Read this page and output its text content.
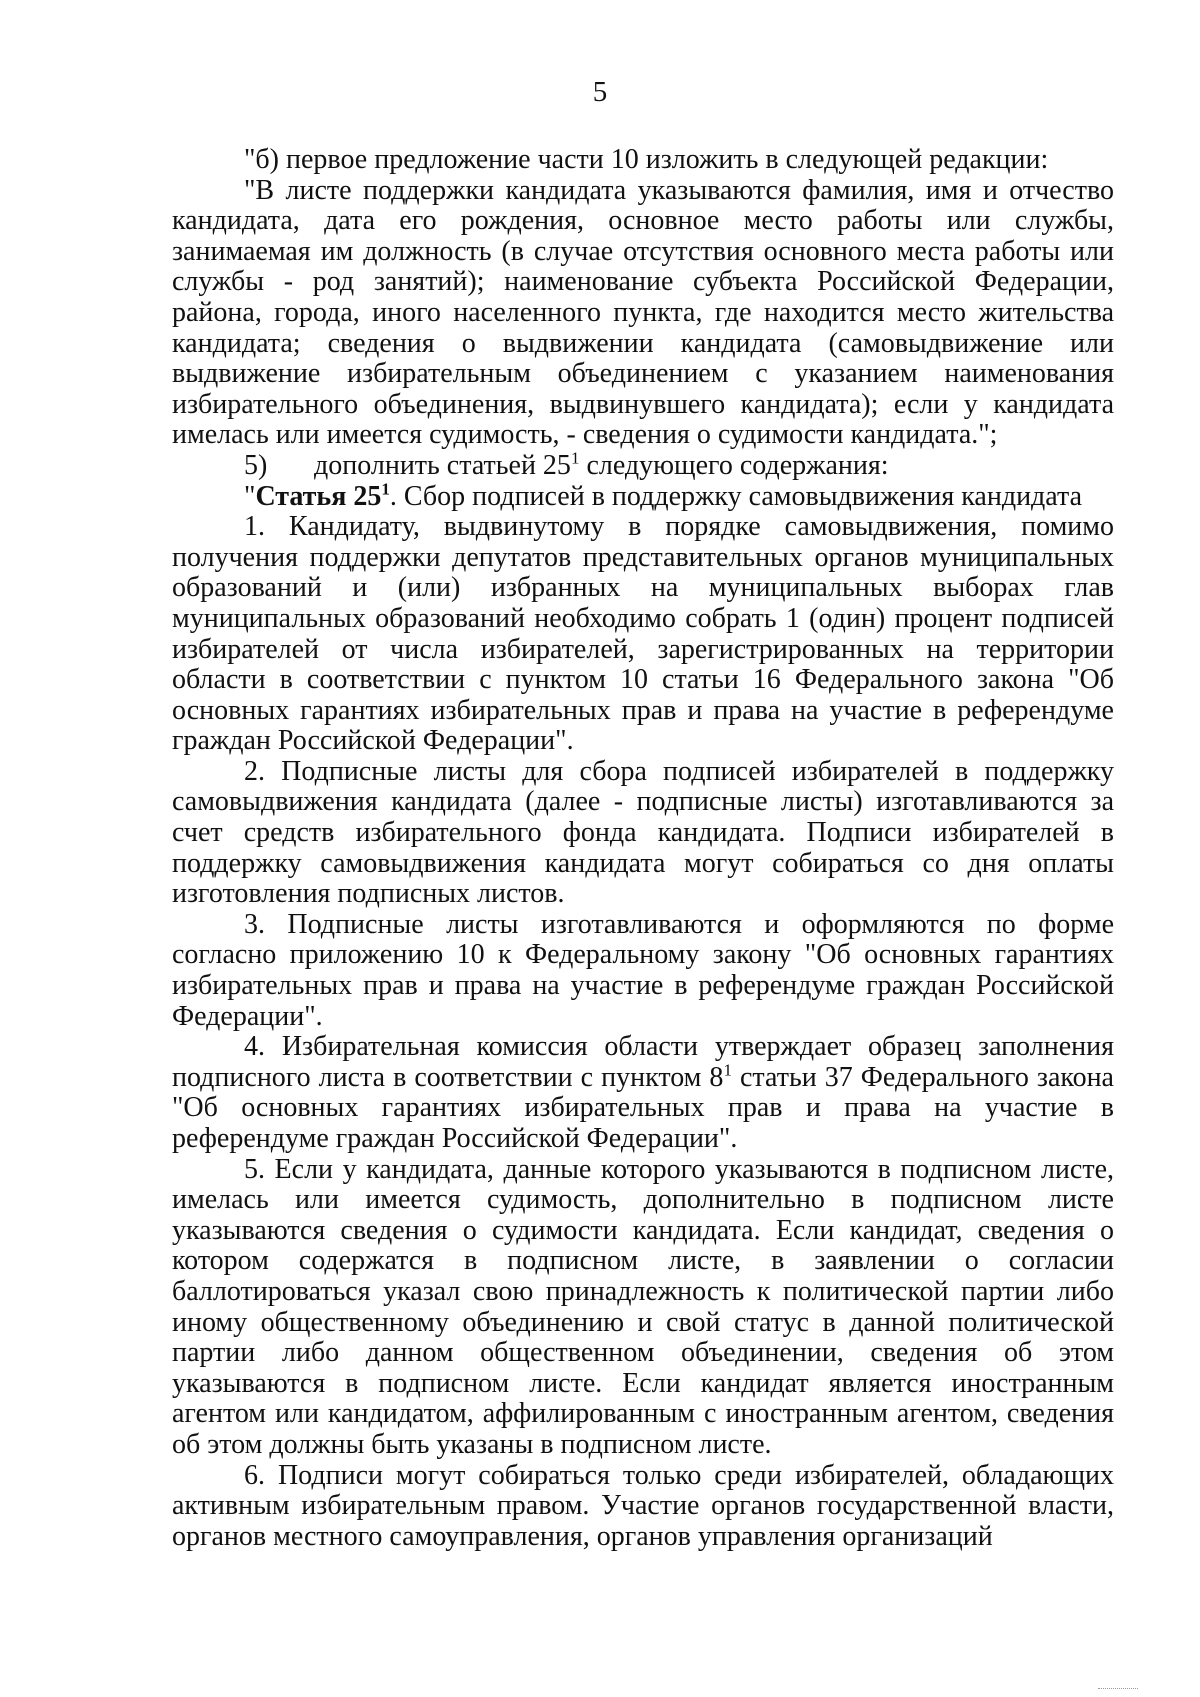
5

"б) первое предложение части 10 изложить в следующей редакции:

"В листе поддержки кандидата указываются фамилия, имя и отчество кандидата, дата его рождения, основное место работы или службы, занимаемая им должность (в случае отсутствия основного места работы или службы - род занятий); наименование субъекта Российской Федерации, района, города, иного населенного пункта, где находится место жительства кандидата; сведения о выдвижении кандидата (самовыдвижение или выдвижение избирательным объединением с указанием наименования избирательного объединения, выдвинувшего кандидата); если у кандидата имелась или имеется судимость, - сведения о судимости кандидата.";

5)	дополнить статьей $25^1$ следующего содержания:

"Статья $25^1$. Сбор подписей в поддержку самовыдвижения кандидата

1. Кандидату, выдвинутому в порядке самовыдвижения, помимо получения поддержки депутатов представительных органов муниципальных образований и (или) избранных на муниципальных выборах глав муниципальных образований необходимо собрать 1 (один) процент подписей избирателей от числа избирателей, зарегистрированных на территории области в соответствии с пунктом 10 статьи 16 Федерального закона "Об основных гарантиях избирательных прав и права на участие в референдуме граждан Российской Федерации".

2. Подписные листы для сбора подписей избирателей в поддержку самовыдвижения кандидата (далее - подписные листы) изготавливаются за счет средств избирательного фонда кандидата. Подписи избирателей в поддержку самовыдвижения кандидата могут собираться со дня оплаты изготовления подписных листов.

3. Подписные листы изготавливаются и оформляются по форме согласно приложению 10 к Федеральному закону "Об основных гарантиях избирательных прав и права на участие в референдуме граждан Российской Федерации".

4. Избирательная комиссия области утверждает образец заполнения подписного листа в соответствии с пунктом $8^1$ статьи 37 Федерального закона "Об основных гарантиях избирательных прав и права на участие в референдуме граждан Российской Федерации".

5. Если у кандидата, данные которого указываются в подписном листе, имелась или имеется судимость, дополнительно в подписном листе указываются сведения о судимости кандидата. Если кандидат, сведения о котором содержатся в подписном листе, в заявлении о согласии баллотироваться указал свою принадлежность к политической партии либо иному общественному объединению и свой статус в данной политической партии либо данном общественном объединении, сведения об этом указываются в подписном листе. Если кандидат является иностранным агентом или кандидатом, аффилированным с иностранным агентом, сведения об этом должны быть указаны в подписном листе.

6. Подписи могут собираться только среди избирателей, обладающих активным избирательным правом. Участие органов государственной власти, органов местного самоуправления, органов управления организаций
